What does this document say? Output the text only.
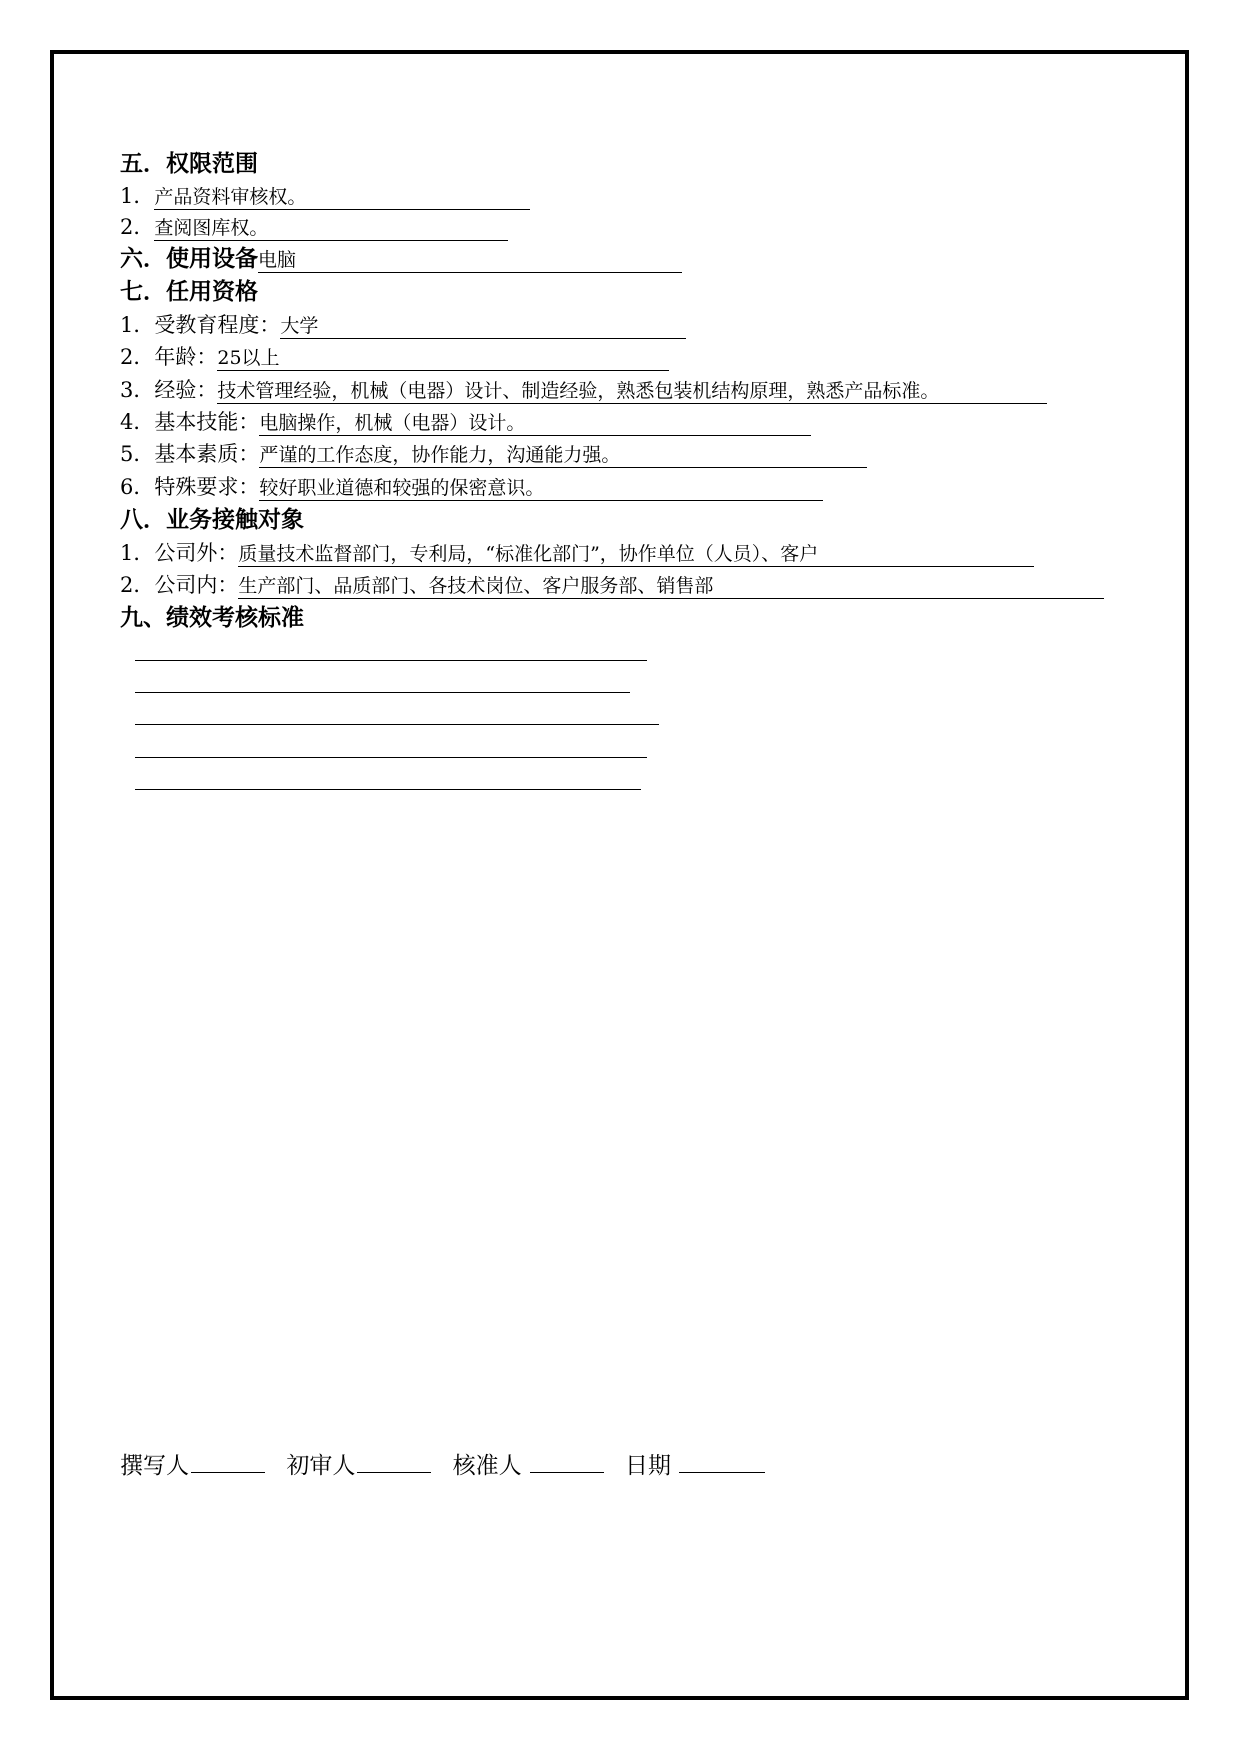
五．权限范围
1．产品资料审核权。
2．查阅图库权。
六．使用设备电脑
七．任用资格
1．受教育程度：大学
2．年龄：25以上
3．经验：技术管理经验，机械（电器）设计、制造经验，熟悉包装机结构原理，熟悉产品标准。
4．基本技能：电脑操作，机械（电器）设计。
5．基本素质：严谨的工作态度，协作能力，沟通能力强。
6．特殊要求：较好职业道德和较强的保密意识。
八．业务接触对象
1．公司外：质量技术监督部门，专利局，“标准化部门”，协作单位（人员）、客户
2．公司内：生产部门、品质部门、各技术岗位、客户服务部、销售部
九、绩效考核标准
撰写人	初审人	核准人	日期
